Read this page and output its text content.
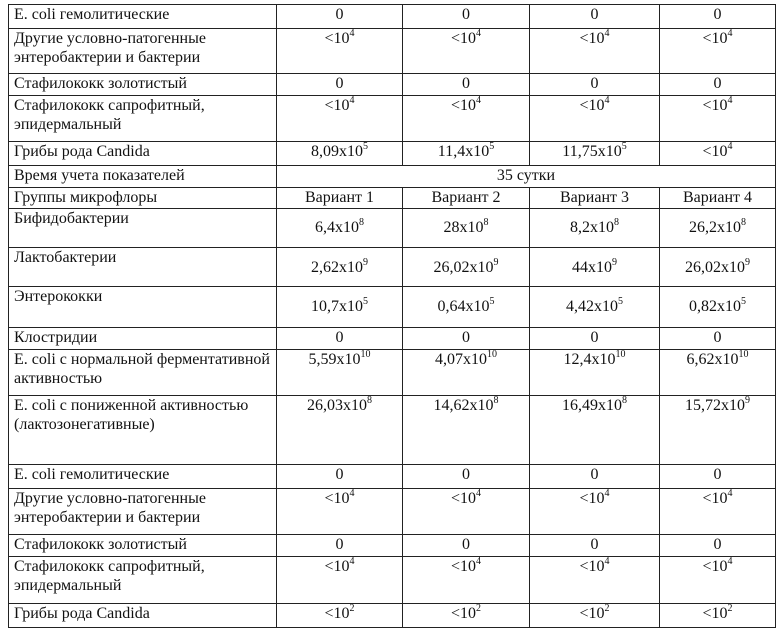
E. coli гемолитические	0	0	0	0
Другие условно-патогенные энтеробактерии и бактерии	$<10^4$	$<10^4$	$<10^4$	$<10^4$
Стафилококк золотистый	0	0	0	0
Стафилококк сапрофитный, эпидермальный	$<10^4$	$<10^4$	$<10^4$	$<10^4$
Грибы рода Candida	$8,09x10^5$	$11,4x10^5$	$11,75x10^5$	$<10^4$
Время учета показателей	35 сутки			
Группы микрофлоры	Вариант 1	Вариант 2	Вариант 3	Вариант 4
Бифидобактерии	$6,4x10^8$	$28x10^8$	$8,2x10^8$	$26,2x10^8$
Лактобактерии	$2,62x10^9$	$26,02x10^9$	$44x10^9$	$26,02x10^9$
Энтерококки	$10,7x10^5$	$0,64x10^5$	$4,42x10^5$	$0,82x10^5$
Клостридии	0	0	0	0
E. coli с нормальной ферментативной активностью	$5,59x10^{10}$	$4,07x10^{10}$	$12,4x10^{10}$	$6,62x10^{10}$
E. coli с пониженной активностью (лактозонегативные)	$26,03x10^8$	$14,62x10^8$	$16,49x10^8$	$15,72x10^9$
E. coli гемолитические	0	0	0	0
Другие условно-патогенные энтеробактерии и бактерии	$<10^4$	$<10^4$	$<10^4$	$<10^4$
Стафилококк золотистый	0	0	0	0
Стафилококк сапрофитный, эпидермальный	$<10^4$	$<10^4$	$<10^4$	$<10^4$
Грибы рода Candida	$<10^2$	$<10^2$	$<10^2$	$<10^2$
